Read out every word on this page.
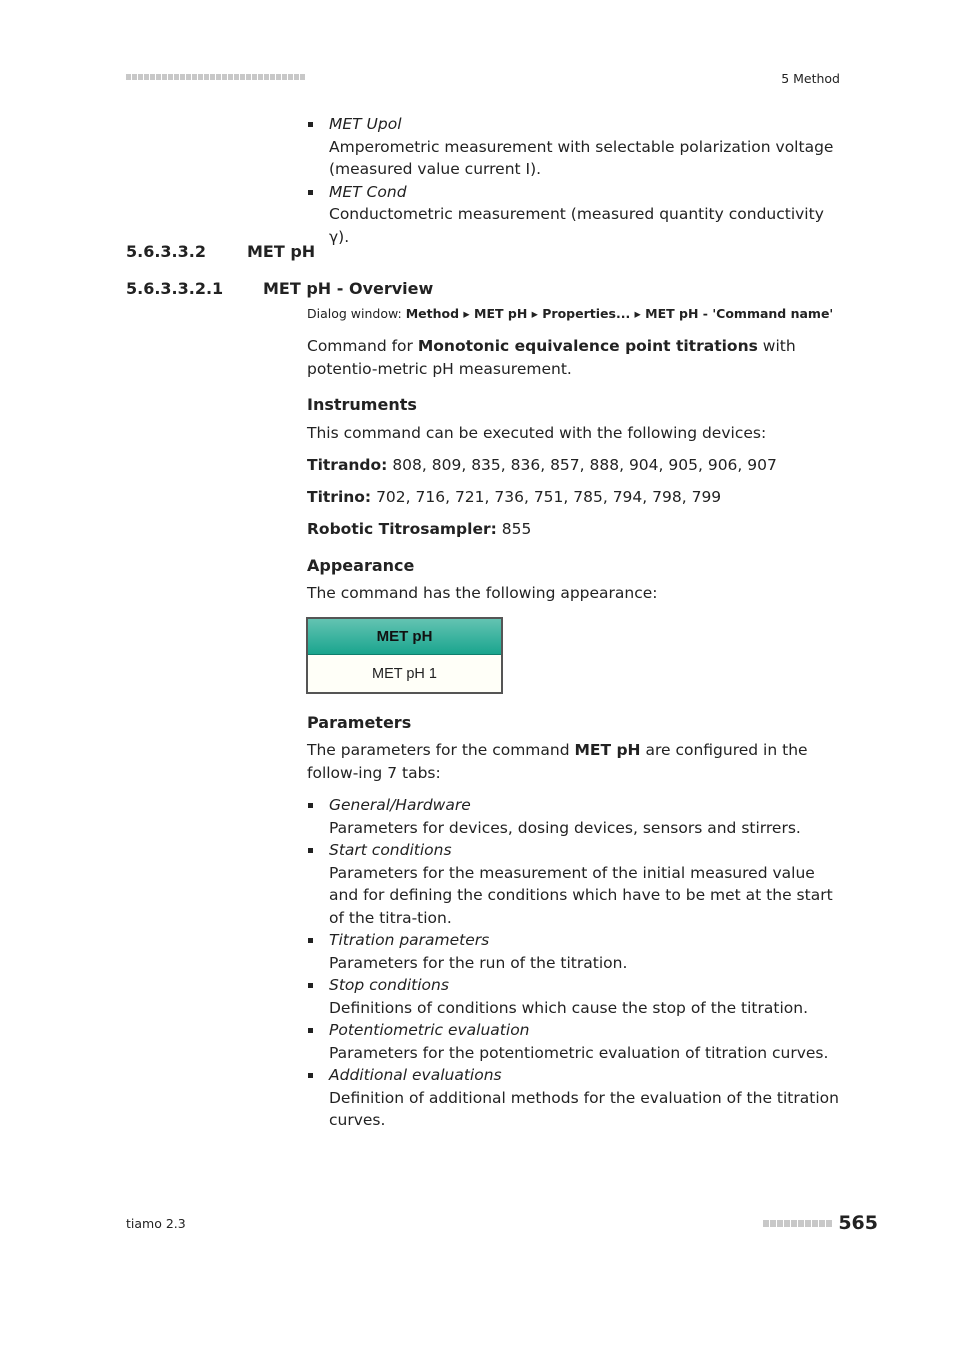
5 Method
MET Upol
Amperometric measurement with selectable polarization voltage (measured value current I).
MET Cond
Conductometric measurement (measured quantity conductivity γ).
5.6.3.3.2	MET pH
5.6.3.3.2.1 MET pH - Overview
Dialog window: Method ▸ MET pH ▸ Properties... ▸ MET pH - 'Command name'
Command for Monotonic equivalence point titrations with potentio-metric pH measurement.
Instruments
This command can be executed with the following devices:
Titrando: 808, 809, 835, 836, 857, 888, 904, 905, 906, 907
Titrino: 702, 716, 721, 736, 751, 785, 794, 798, 799
Robotic Titrosampler: 855
Appearance
The command has the following appearance:
MET pH
MET pH 1
Parameters
The parameters for the command MET pH are configured in the follow-ing 7 tabs:
General/Hardware
Parameters for devices, dosing devices, sensors and stirrers.
Start conditions
Parameters for the measurement of the initial measured value and for defining the conditions which have to be met at the start of the titra-tion.
Titration parameters
Parameters for the run of the titration.
Stop conditions
Definitions of conditions which cause the stop of the titration.
Potentiometric evaluation
Parameters for the potentiometric evaluation of titration curves.
Additional evaluations
Definition of additional methods for the evaluation of the titration curves.
tiamo 2.3	565
